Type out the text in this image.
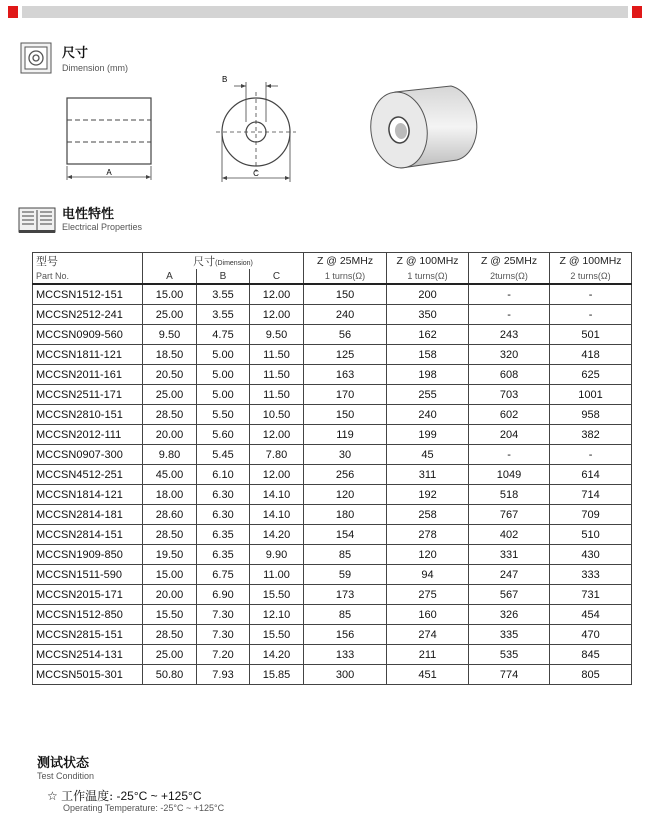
尺寸
Dimension (mm)
A
B
C
电性特性
Electrical Properties
型号	尺寸(Dimension)			Z @ 25MHz	Z @ 100MHz	Z @ 25MHz	Z @ 100MHz
Part No.	A	B	C	1 turns(Ω)	1 turns(Ω)	2turns(Ω)	2 turns(Ω)
MCCSN1512-151	15.00	3.55	12.00	150	200	-	-
MCCSN2512-241	25.00	3.55	12.00	240	350	-	-
MCCSN0909-560	9.50	4.75	9.50	56	162	243	501
MCCSN1811-121	18.50	5.00	11.50	125	158	320	418
MCCSN2011-161	20.50	5.00	11.50	163	198	608	625
MCCSN2511-171	25.00	5.00	11.50	170	255	703	1001
MCCSN2810-151	28.50	5.50	10.50	150	240	602	958
MCCSN2012-111	20.00	5.60	12.00	119	199	204	382
MCCSN0907-300	9.80	5.45	7.80	30	45	-	-
MCCSN4512-251	45.00	6.10	12.00	256	311	1049	614
MCCSN1814-121	18.00	6.30	14.10	120	192	518	714
MCCSN2814-181	28.60	6.30	14.10	180	258	767	709
MCCSN2814-151	28.50	6.35	14.20	154	278	402	510
MCCSN1909-850	19.50	6.35	9.90	85	120	331	430
MCCSN1511-590	15.00	6.75	11.00	59	94	247	333
MCCSN2015-171	20.00	6.90	15.50	173	275	567	731
MCCSN1512-850	15.50	7.30	12.10	85	160	326	454
MCCSN2815-151	28.50	7.30	15.50	156	274	335	470
MCCSN2514-131	25.00	7.20	14.20	133	211	535	845
MCCSN5015-301	50.80	7.93	15.85	300	451	774	805
测试状态
Test Condition
☆ 工作温度: -25°C ~ +125°C
Operating Temperature: -25°C ~ +125°C
